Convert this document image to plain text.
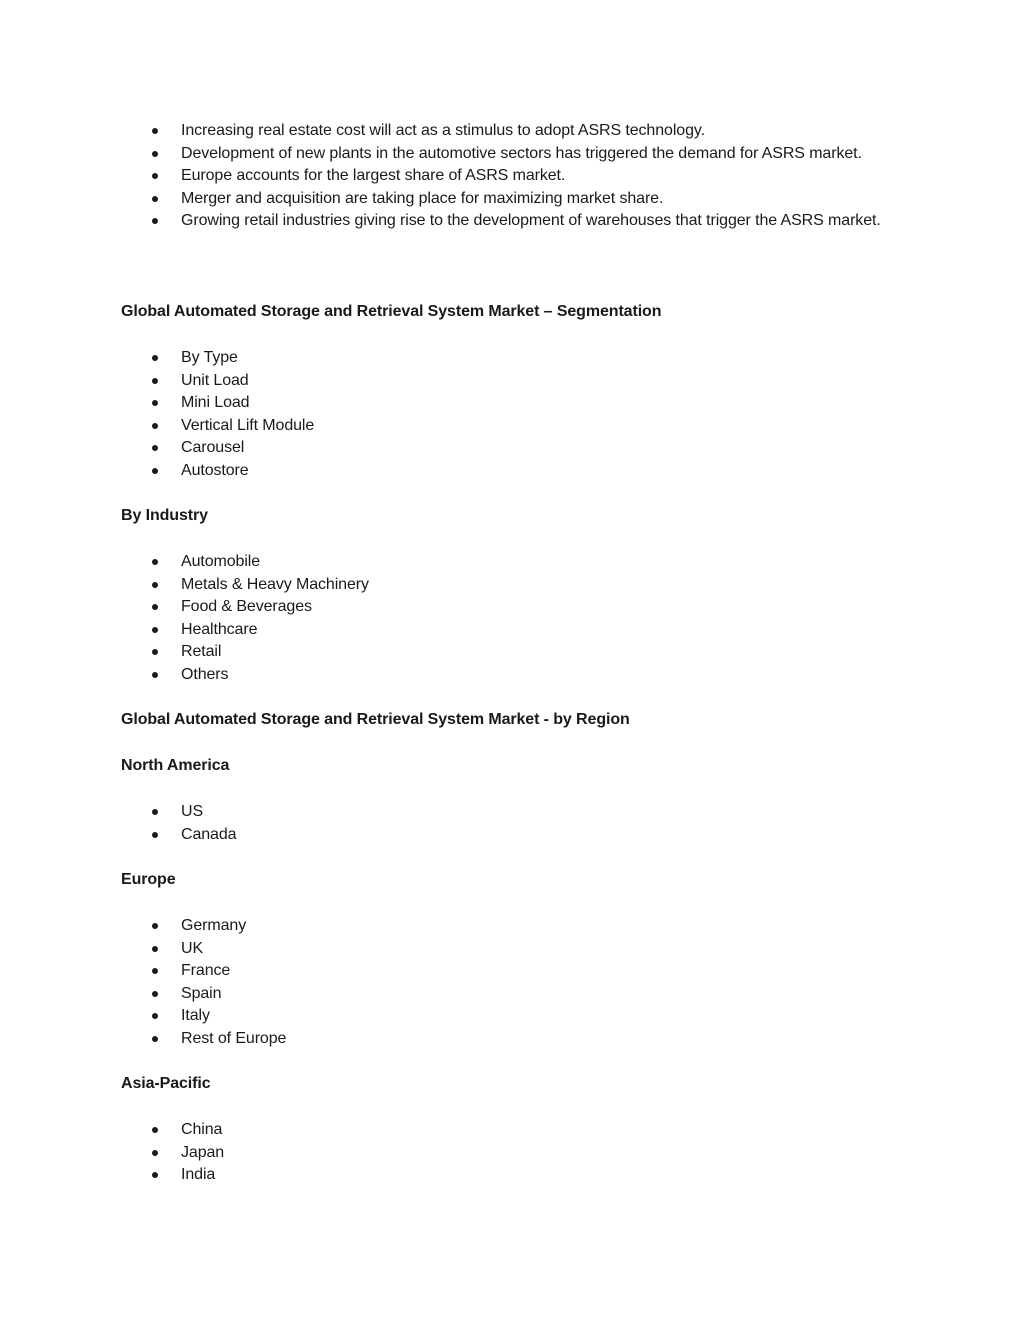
Increasing real estate cost will act as a stimulus to adopt ASRS technology.
Development of new plants in the automotive sectors has triggered the demand for ASRS market.
Europe accounts for the largest share of ASRS market.
Merger and acquisition are taking place for maximizing market share.
Growing retail industries giving rise to the development of warehouses that trigger the ASRS market.
Global Automated Storage and Retrieval System Market – Segmentation
By Type
Unit Load
Mini Load
Vertical Lift Module
Carousel
Autostore
By Industry
Automobile
Metals & Heavy Machinery
Food & Beverages
Healthcare
Retail
Others
Global Automated Storage and Retrieval System Market - by Region
North America
US
Canada
Europe
Germany
UK
France
Spain
Italy
Rest of Europe
Asia-Pacific
China
Japan
India
